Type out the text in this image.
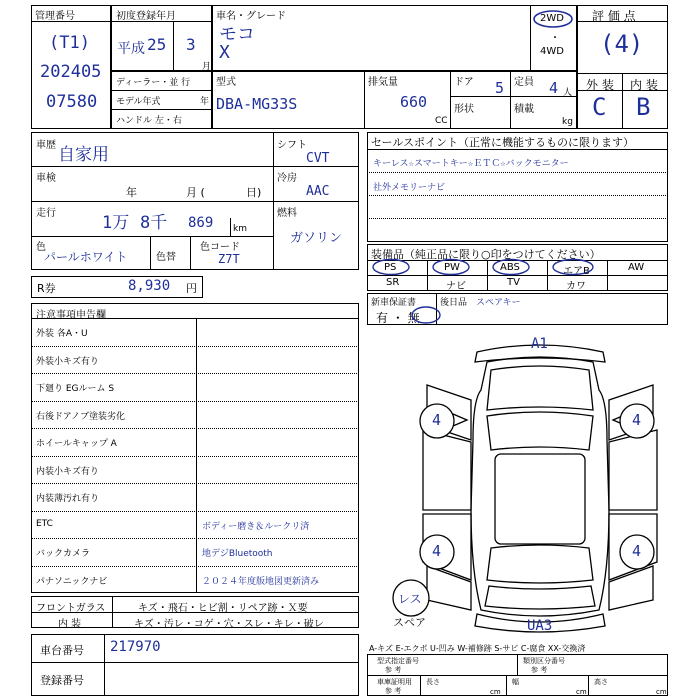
管理番号
(T1)
202405
07580
初度登録年月
平成 25 3
月
車名・グレード
モコ
X
2WD
・
4WD
評 価 点
(4)
外 装 内 装
C B
ディーラー・並 行
モデル年式	年
ハンドル 左・右
型式
DBA-MG33S
排気量
660
CC
ドア 5
形状
定員 4 人
積載
kg
車歴 自家用
車検
年	月 (	日)
走行	1万 8千 869 km
色
パールホワイト	色替
色コード
Z7T
シフト
CVT
冷房
AAC
燃料
ガソリン
R券	8,930 円
セールスポイント（正常に機能するものに限ります）
キーレス☆スマートキー☆ＥＴＣ☆バックモニター
社外メモリーナビ
装備品（純正品に限り○印をつけてください）
PS	PW	ABS	エアB	AW
SR	ナビ	TV	カワ
新車保証書
有 ・ 無
後日品 スペアキー
注意事項申告欄
外装 各A・U
外装小キズ有り
下廻り EGルーム S
右後ドアノブ塗装劣化
ホイールキャップ A
内装小キズ有り
内装薄汚れ有り
ETC	ボディー磨き＆ルークリ済
バックカメラ	地デジBluetooth
パナソニックナビ	２０２４年度版地図更新済み
フロントガラス	キズ・飛石・ヒビ割・リペア跡・Ｘ要
内 装	キズ・汚レ・コゲ・穴・スレ・キレ・破レ
車台番号 217970
登録番号
A1
UA3
4	4
4	4
レス
スペア
A-キズ E-エクボ U-凹み W-補修跡 S-サビ C-腐食 XX-交換済
型式指定番号
参 考
類別区分番号
参 考
車庫証明用
参 考
長さ
cm
幅
cm
高さ
cm
